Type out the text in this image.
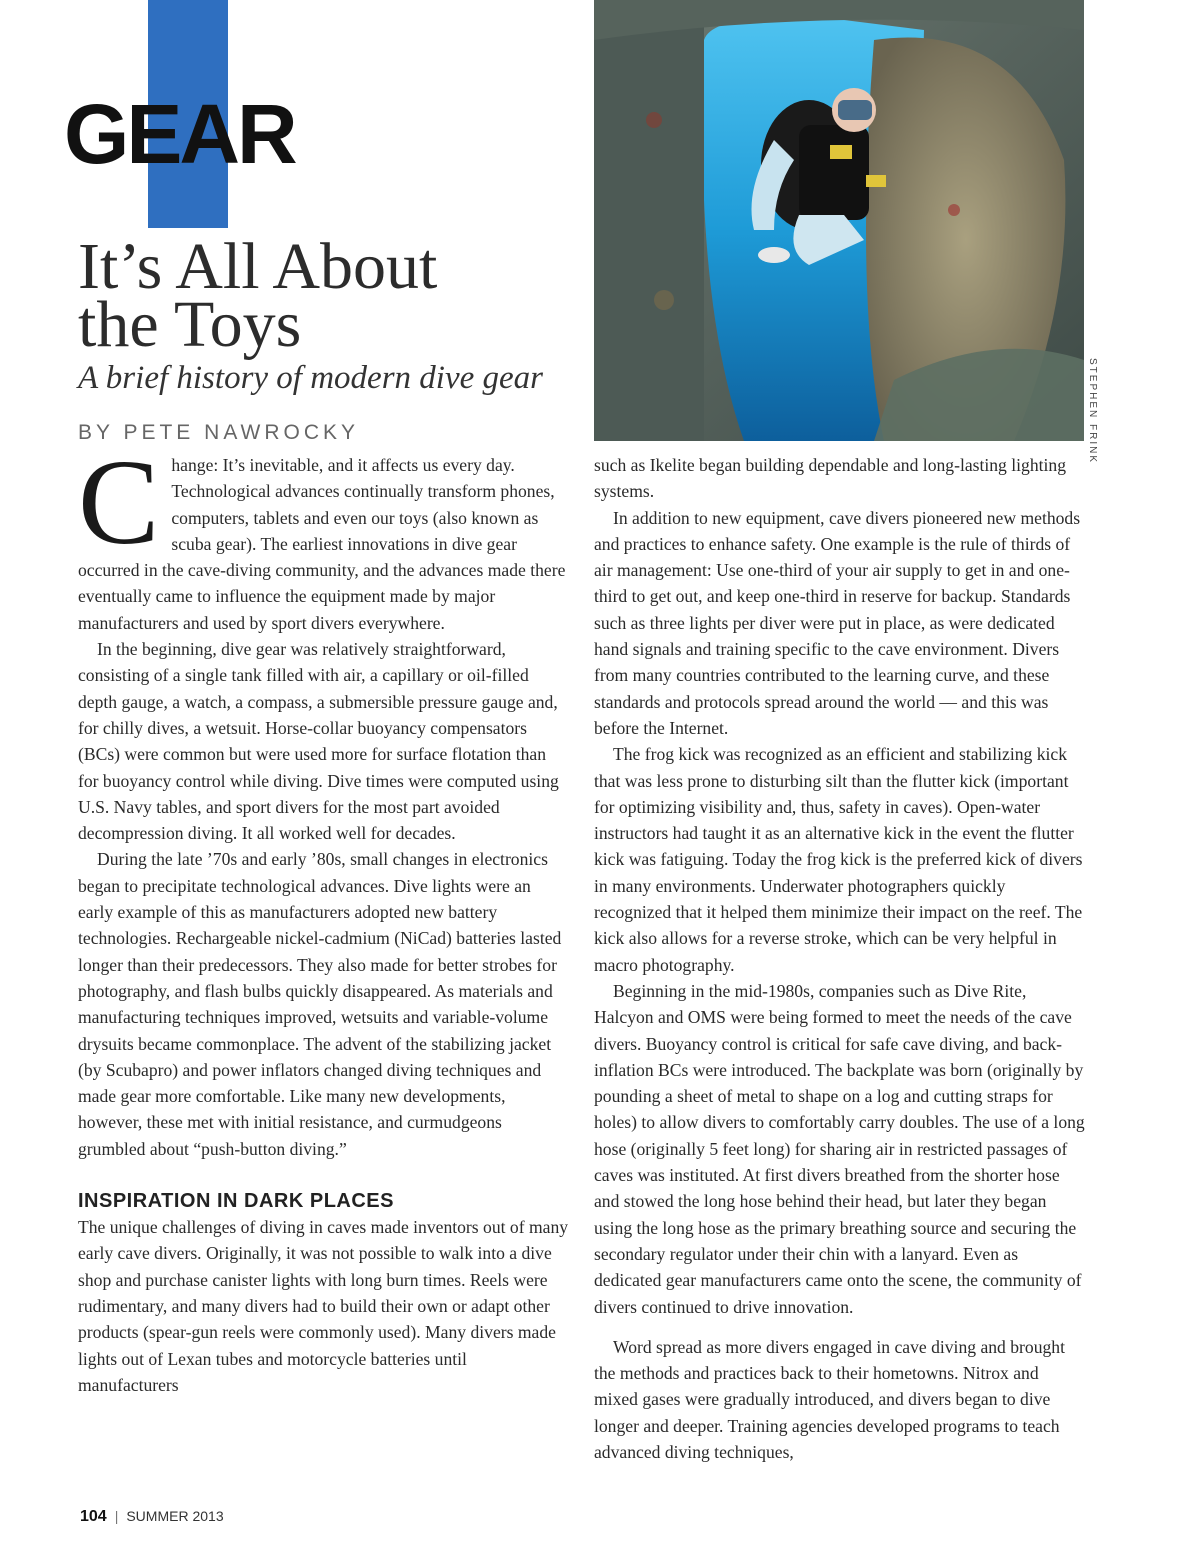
GEAR
It’s All About
the Toys
A brief history of modern dive gear
BY PETE NAWROCKY	STEPHEN FRINK
C hange: It’s inevitable, and it affects us every day. Technological advances continually transform phones, computers, tablets and even our toys (also known as scuba gear). The earliest innovations in dive gear occurred in the cave-diving community, and the advances made there eventually came to influence the equipment made by major manufacturers and used by sport divers everywhere.

In the beginning, dive gear was relatively straightforward, consisting of a single tank filled with air, a capillary or oil-filled depth gauge, a watch, a compass, a submersible pressure gauge and, for chilly dives, a wetsuit. Horse-collar buoyancy compensators (BCs) were common but were used more for surface flotation than for buoyancy control while diving. Dive times were computed using U.S. Navy tables, and sport divers for the most part avoided decompression diving. It all worked well for decades.

During the late ’70s and early ’80s, small changes in electronics began to precipitate technological advances. Dive lights were an early example of this as manufacturers adopted new battery technologies. Rechargeable nickel-cadmium (NiCad) batteries lasted longer than their predecessors. They also made for better strobes for photography, and flash bulbs quickly disappeared. As materials and manufacturing techniques improved, wetsuits and variable-volume drysuits became commonplace. The advent of the stabilizing jacket (by Scubapro) and power inflators changed diving techniques and made gear more comfortable. Like many new developments, however, these met with initial resistance, and curmudgeons grumbled about “push-button diving.”

INSPIRATION IN DARK PLACES

The unique challenges of diving in caves made inventors out of many early cave divers. Originally, it was not possible to walk into a dive shop and purchase canister lights with long burn times. Reels were rudimentary, and many divers had to build their own or adapt other products (spear-gun reels were commonly used). Many divers made lights out of Lexan tubes and motorcycle batteries until manufacturers

such as Ikelite began building dependable and long-lasting lighting systems.

In addition to new equipment, cave divers pioneered new methods and practices to enhance safety. One example is the rule of thirds of air management: Use one-third of your air supply to get in and one-third to get out, and keep one-third in reserve for backup. Standards such as three lights per diver were put in place, as were dedicated hand signals and training specific to the cave environment. Divers from many countries contributed to the learning curve, and these standards and protocols spread around the world — and this was before the Internet.

The frog kick was recognized as an efficient and stabilizing kick that was less prone to disturbing silt than the flutter kick (important for optimizing visibility and, thus, safety in caves). Open-water instructors had taught it as an alternative kick in the event the flutter kick was fatiguing. Today the frog kick is the preferred kick of divers in many environments. Underwater photographers quickly recognized that it helped them minimize their impact on the reef. The kick also allows for a reverse stroke, which can be very helpful in macro photography.

Beginning in the mid-1980s, companies such as Dive Rite, Halcyon and OMS were being formed to meet the needs of the cave divers. Buoyancy control is critical for safe cave diving, and back-inflation BCs were introduced. The backplate was born (originally by pounding a sheet of metal to shape on a log and cutting straps for holes) to allow divers to comfortably carry doubles. The use of a long hose (originally 5 feet long) for sharing air in restricted passages of caves was instituted. At first divers breathed from the shorter hose and stowed the long hose behind their head, but later they began using the long hose as the primary breathing source and securing the secondary regulator under their chin with a lanyard. Even as dedicated gear manufacturers came onto the scene, the community of divers continued to drive innovation.

Word spread as more divers engaged in cave diving and brought the methods and practices back to their hometowns. Nitrox and mixed gases were gradually introduced, and divers began to dive longer and deeper. Training agencies developed programs to teach advanced diving techniques,

104 | SUMMER 2013
